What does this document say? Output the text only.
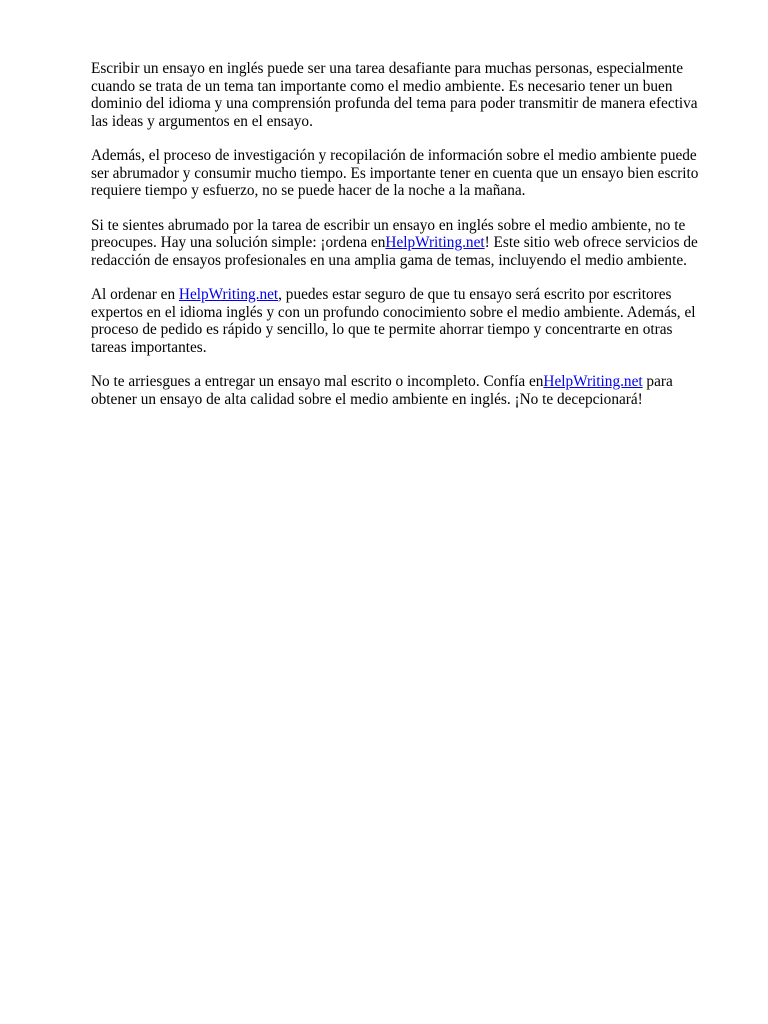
Escribir un ensayo en inglés puede ser una tarea desafiante para muchas personas, especialmente cuando se trata de un tema tan importante como el medio ambiente. Es necesario tener un buen dominio del idioma y una comprensión profunda del tema para poder transmitir de manera efectiva las ideas y argumentos en el ensayo.

Además, el proceso de investigación y recopilación de información sobre el medio ambiente puede ser abrumador y consumir mucho tiempo. Es importante tener en cuenta que un ensayo bien escrito requiere tiempo y esfuerzo, no se puede hacer de la noche a la mañana.

Si te sientes abrumado por la tarea de escribir un ensayo en inglés sobre el medio ambiente, no te preocupes. Hay una solución simple: ¡ordena enHelpWriting.net! Este sitio web ofrece servicios de redacción de ensayos profesionales en una amplia gama de temas, incluyendo el medio ambiente.

Al ordenar en HelpWriting.net, puedes estar seguro de que tu ensayo será escrito por escritores expertos en el idioma inglés y con un profundo conocimiento sobre el medio ambiente. Además, el proceso de pedido es rápido y sencillo, lo que te permite ahorrar tiempo y concentrarte en otras tareas importantes.

No te arriesgues a entregar un ensayo mal escrito o incompleto. Confía enHelpWriting.net para obtener un ensayo de alta calidad sobre el medio ambiente en inglés. ¡No te decepcionará!
